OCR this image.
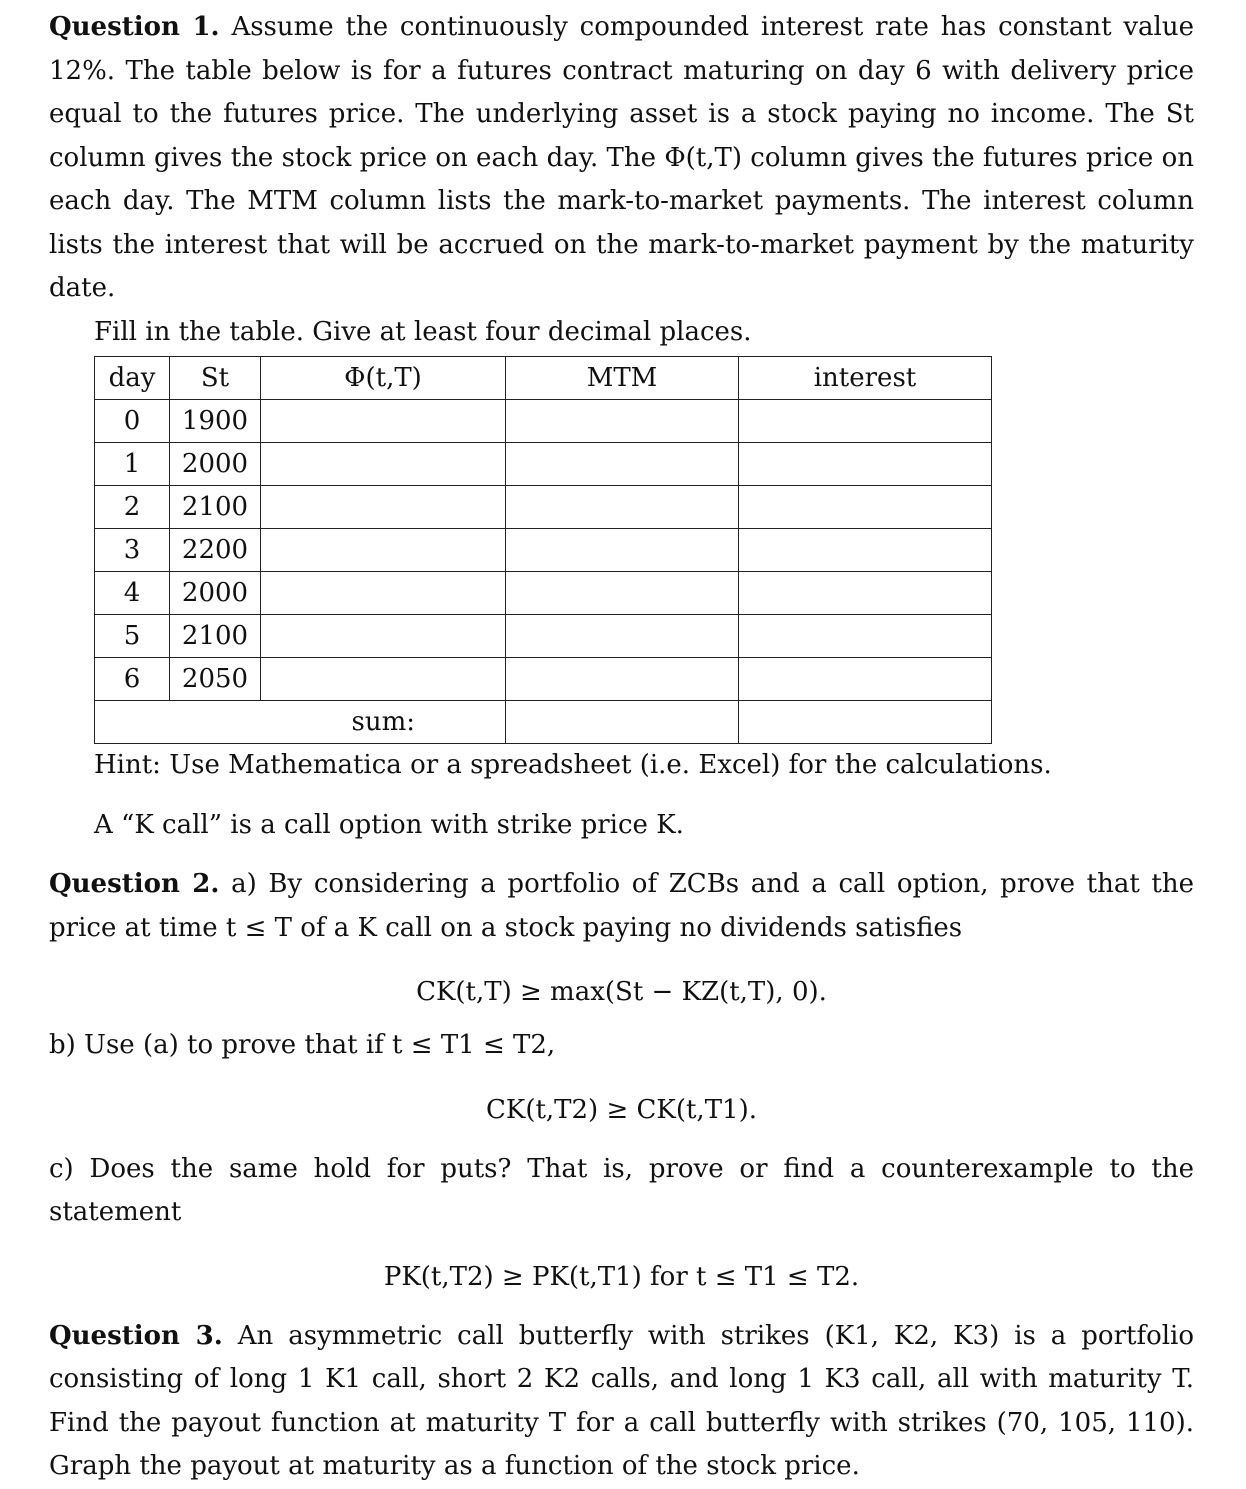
Question 1. Assume the continuously compounded interest rate has constant value 12%. The table below is for a futures contract maturing on day 6 with delivery price equal to the futures price. The underlying asset is a stock paying no income. The St column gives the stock price on each day. The Φ(t,T) column gives the futures price on each day. The MTM column lists the mark-to-market payments. The interest column lists the interest that will be accrued on the mark-to-market payment by the maturity date.

Fill in the table. Give at least four decimal places.

day	St	Φ(t,T)	MTM	interest
0	1900			
1	2000			
2	2100			
3	2200			
4	2000			
5	2100			
6	2050			
sum:				

Hint: Use Mathematica or a spreadsheet (i.e. Excel) for the calculations.

A “K call” is a call option with strike price K.

Question 2. a) By considering a portfolio of ZCBs and a call option, prove that the price at time t ≤ T of a K call on a stock paying no dividends satisfies

CK(t,T) ≥ max(St − KZ(t,T), 0).

b) Use (a) to prove that if t ≤ T1 ≤ T2,

CK(t,T2) ≥ CK(t,T1).

c) Does the same hold for puts? That is, prove or find a counterexample to the statement

PK(t,T2) ≥ PK(t,T1) for t ≤ T1 ≤ T2.

Question 3. An asymmetric call butterfly with strikes (K1, K2, K3) is a portfolio consisting of long 1 K1 call, short 2 K2 calls, and long 1 K3 call, all with maturity T. Find the payout function at maturity T for a call butterfly with strikes (70, 105, 110). Graph the payout at maturity as a function of the stock price.
